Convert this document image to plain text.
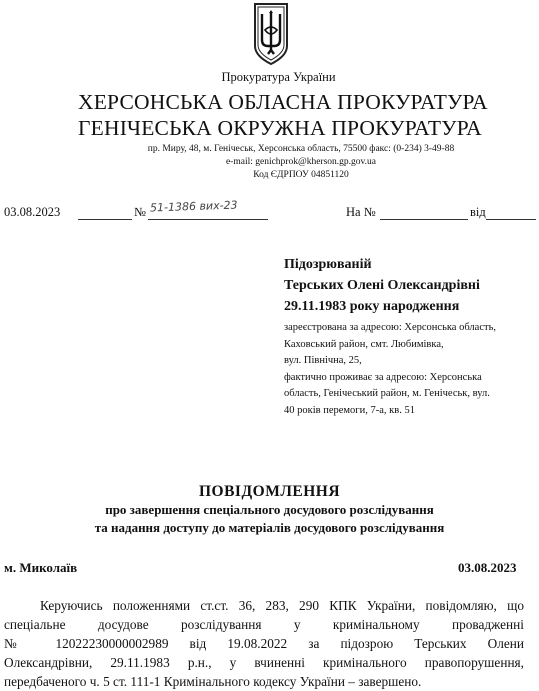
Прокуратура України
ХЕРСОНСЬКА ОБЛАСНА ПРОКУРАТУРА
ГЕНІЧЕСЬКА ОКРУЖНА ПРОКУРАТУРА
пр. Миру, 48, м. Генічеськ, Херсонська область, 75500 факс: (0-234) 3-49-88
e-mail: genichprok@kherson.gp.gov.ua
Код ЄДРПОУ 04851120
03.08.2023	№ 51-1386 вих-23	На №	від
Підозрюваній
Терських Олені Олександрівні
29.11.1983 року народження
зареєстрована за адресою: Херсонська область,
Каховський район, смт. Любимівка,
вул. Північна, 25,
фактично проживає за адресою: Херсонська
область, Генічеський район, м. Генічеськ, вул.
40 років перемоги, 7-а, кв. 51
ПОВІДОМЛЕННЯ
про завершення спеціального досудового розслідування
та надання доступу до матеріалів досудового розслідування
м. Миколаїв	03.08.2023
Керуючись положеннями ст.ст. 36, 283, 290 КПК України, повідомляю, що
спеціальне досудове розслідування у кримінальному провадженні
№ 12022230000002989 від 19.08.2022 за підозрою Терських Олени
Олександрівни, 29.11.1983 р.н., у вчиненні кримінального правопорушення,
передбаченого ч. 5 ст. 111-1 Кримінального кодексу України – завершено.
